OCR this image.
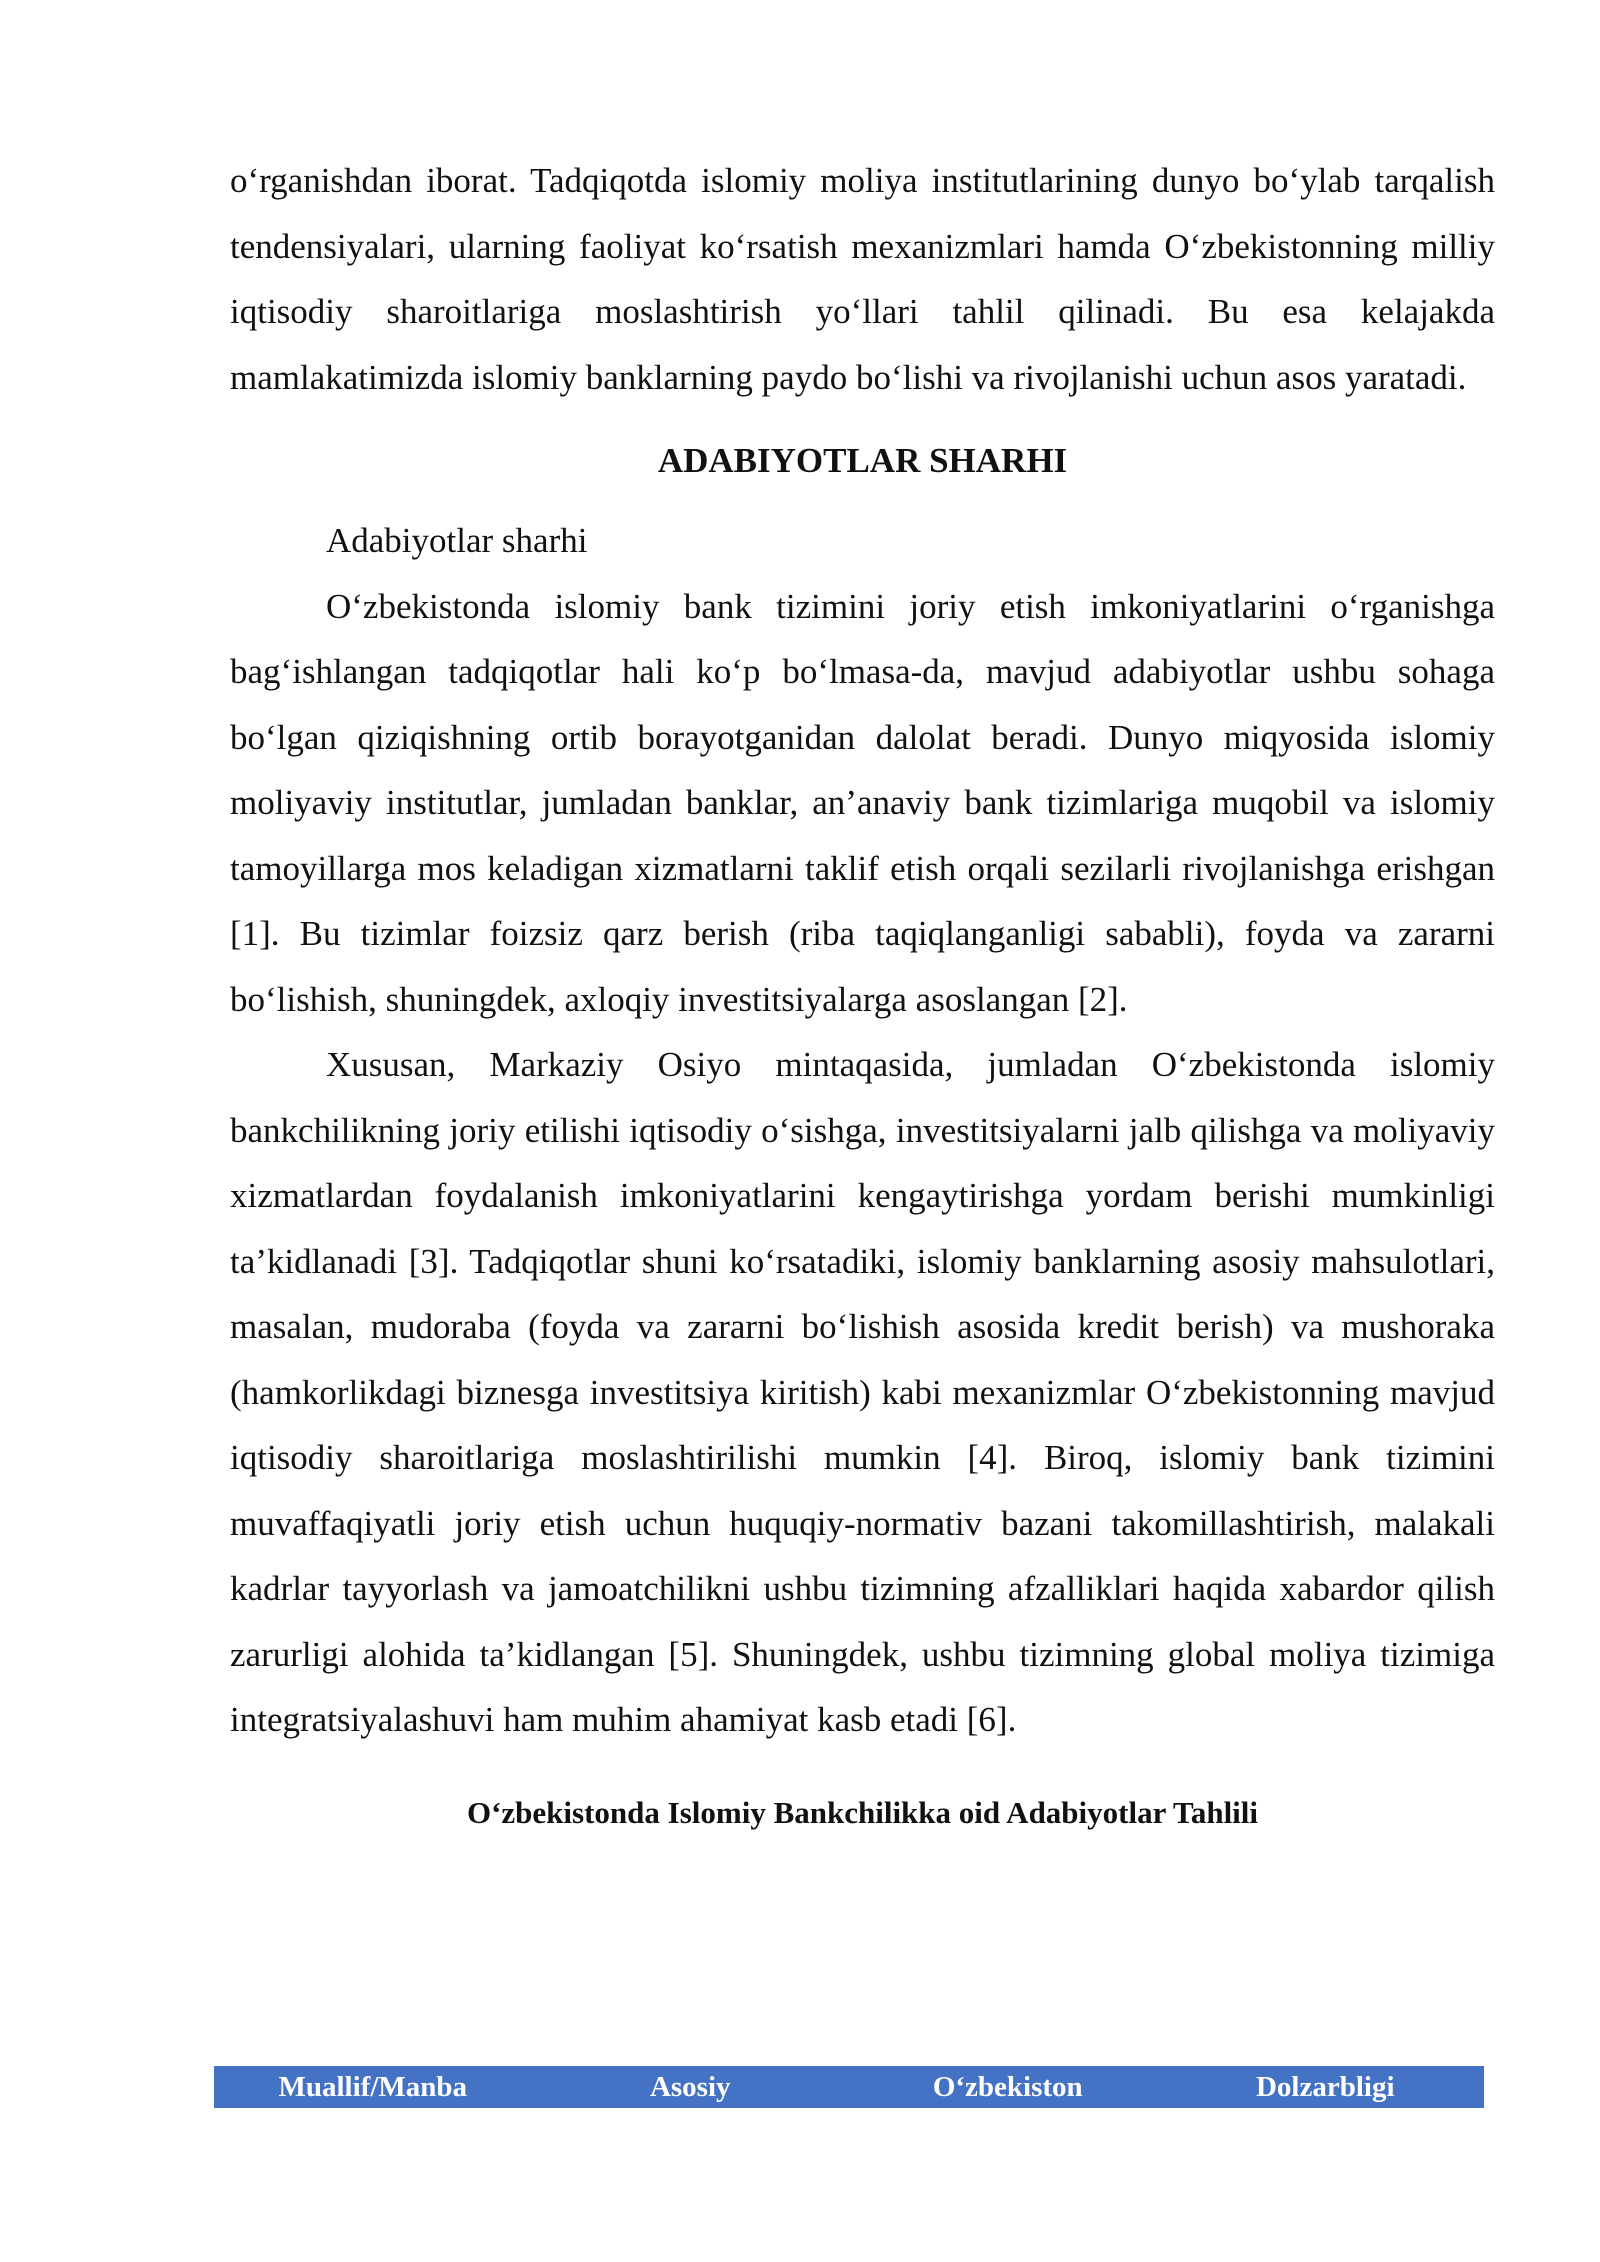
o‘rganishdan iborat. Tadqiqotda islomiy moliya institutlarining dunyo bo‘ylab tarqalish tendensiyalari, ularning faoliyat ko‘rsatish mexanizmlari hamda O‘zbekistonning milliy iqtisodiy sharoitlariga moslashtirish yo‘llari tahlil qilinadi. Bu esa kelajakda mamlakatimizda islomiy banklarning paydo bo‘lishi va rivojlanishi uchun asos yaratadi.

ADABIYOTLAR SHARHI
Adabiyotlar sharhi

O‘zbekistonda islomiy bank tizimini joriy etish imkoniyatlarini o‘rganishga bag‘ishlangan tadqiqotlar hali ko‘p bo‘lmasa-da, mavjud adabiyotlar ushbu sohaga bo‘lgan qiziqishning ortib borayotganidan dalolat beradi. Dunyo miqyosida islomiy moliyaviy institutlar, jumladan banklar, an’anaviy bank tizimlariga muqobil va islomiy tamoyillarga mos keladigan xizmatlarni taklif etish orqali sezilarli rivojlanishga erishgan [1]. Bu tizimlar foizsiz qarz berish (riba taqiqlanganligi sababli), foyda va zararni bo‘lishish, shuningdek, axloqiy investitsiyalarga asoslangan [2].

Xususan, Markaziy Osiyo mintaqasida, jumladan O‘zbekistonda islomiy bankchilikning joriy etilishi iqtisodiy o‘sishga, investitsiyalarni jalb qilishga va moliyaviy xizmatlardan foydalanish imkoniyatlarini kengaytirishga yordam berishi mumkinligi ta’kidlanadi [3]. Tadqiqotlar shuni ko‘rsatadiki, islomiy banklarning asosiy mahsulotlari, masalan, mudoraba (foyda va zararni bo‘lishish asosida kredit berish) va mushoraka (hamkorlikdagi biznesga investitsiya kiritish) kabi mexanizmlar O‘zbekistonning mavjud iqtisodiy sharoitlariga moslashtirilishi mumkin [4]. Biroq, islomiy bank tizimini muvaffaqiyatli joriy etish uchun huquqiy-normativ bazani takomillashtirish, malakali kadrlar tayyorlash va jamoatchilikni ushbu tizimning afzalliklari haqida xabardor qilish zarurligi alohida ta’kidlangan [5]. Shuningdek, ushbu tizimning global moliya tizimiga integratsiyalashuvi ham muhim ahamiyat kasb etadi [6].

O‘zbekistonda Islomiy Bankchilikka oid Adabiyotlar Tahlili
Muallif/Manba	Asosiy	O‘zbekiston	Dolzarbligi
